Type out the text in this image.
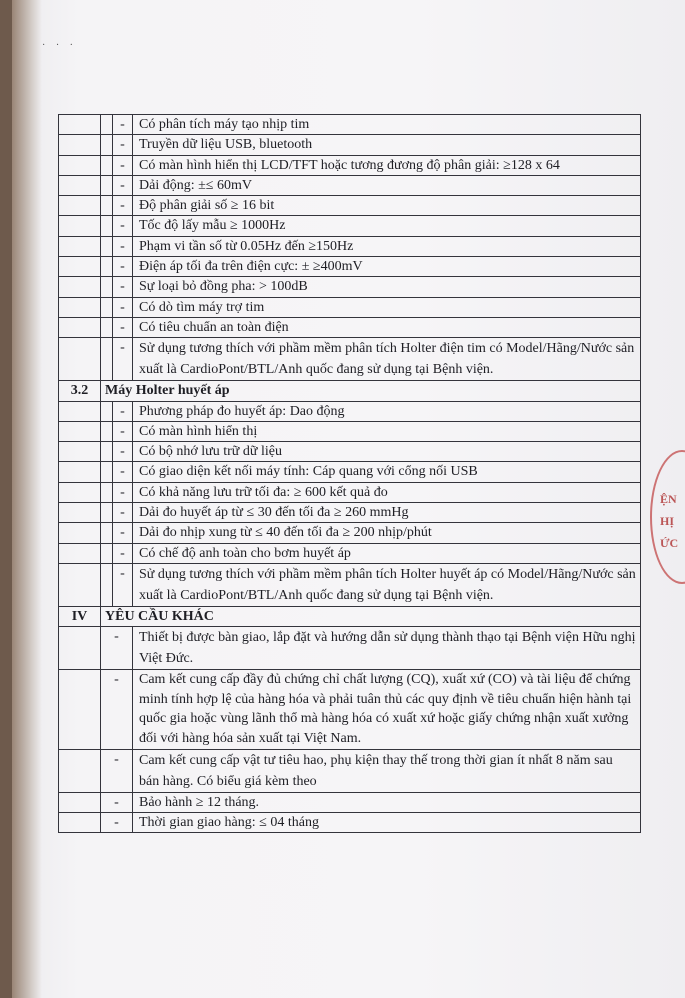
· · ·
		-	Có phân tích máy tạo nhịp tim
		-	Truyền dữ liệu USB, bluetooth
		-	Có màn hình hiển thị LCD/TFT hoặc tương đương độ phân giải: ≥128 x 64
		-	Dải động: ±≤ 60mV
		-	Độ phân giải số ≥ 16 bit
		-	Tốc độ lấy mẫu ≥ 1000Hz
		-	Phạm vi tần số từ 0.05Hz đến ≥150Hz
		-	Điện áp tối đa trên điện cực: ± ≥400mV
		-	Sự loại bỏ đồng pha: > 100dB
		-	Có dò tìm máy trợ tim
		-	Có tiêu chuẩn an toàn điện
		-	Sử dụng tương thích với phầm mềm phân tích Holter điện tim có Model/Hãng/Nước sản xuất là CardioPont/BTL/Anh quốc đang sử dụng tại Bệnh viện.
3.2	Máy Holter huyết áp		
		-	Phương pháp đo huyết áp: Dao động
		-	Có màn hình hiển thị
		-	Có bộ nhớ lưu trữ dữ liệu
		-	Có giao diện kết nối máy tính: Cáp quang với cổng nối USB
		-	Có khả năng lưu trữ tối đa: ≥ 600 kết quả đo
		-	Dải đo huyết áp từ ≤ 30 đến tối đa ≥ 260 mmHg
		-	Dải đo nhịp xung từ ≤ 40 đến tối đa ≥ 200 nhịp/phút
		-	Có chế độ anh toàn cho bơm huyết áp
		-	Sử dụng tương thích với phầm mềm phân tích Holter huyết áp có Model/Hãng/Nước sản xuất là CardioPont/BTL/Anh quốc đang sử dụng tại Bệnh viện.
IV	YÊU CẦU KHÁC		
	-		Thiết bị được bàn giao, lắp đặt và hướng dẫn sử dụng thành thạo tại Bệnh viện Hữu nghị Việt Đức.
	-		Cam kết cung cấp đầy đủ chứng chỉ chất lượng (CQ), xuất xứ (CO) và tài liệu để chứng minh tính hợp lệ của hàng hóa và phải tuân thủ các quy định về tiêu chuẩn hiện hành tại quốc gia hoặc vùng lãnh thổ mà hàng hóa có xuất xứ hoặc giấy chứng nhận xuất xưởng đối với hàng hóa sản xuất tại Việt Nam.
	-		Cam kết cung cấp vật tư tiêu hao, phụ kiện thay thế trong thời gian ít nhất 8 năm sau bán hàng. Có biểu giá kèm theo
	-		Bảo hành ≥ 12 tháng.
	-		Thời gian giao hàng: ≤ 04 tháng
ỆN
HỊ
ỨC
